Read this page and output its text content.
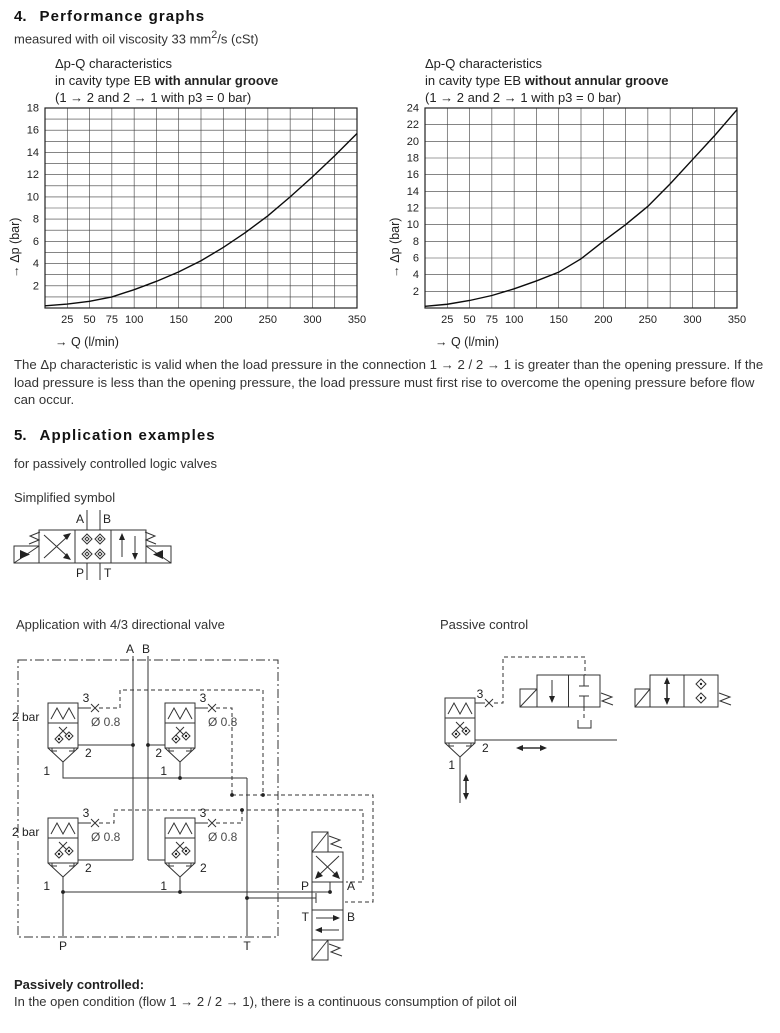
4. Performance graphs
measured with oil viscosity 33 $mm^2/s$ (cSt)
Δp-Q characteristics
in cavity type EB with annular groove
(1 → 2 and 2 → 1 with p3 = 0 bar)
Δp-Q characteristics
in cavity type EB without annular groove
(1 → 2 and 2 → 1 with p3 = 0 bar)
25 50 75 100 150 200 250 300 350
2
4
6
8
10
12
14
16
18
→ Q (l/min)
→ Δp (bar)
25 50 75 100 150 200 250 300 350
2
4
6
8
10
12
14
16
18
20
22
24
→ Q (l/min)
→ Δp (bar)

The Δp characteristic is valid when the load pressure in the connection 1 → 2 / 2 → 1 is greater than the opening pressure. If the load pressure is less than the opening pressure, the load pressure must first rise to overcome the opening pressure before flow can occur.

5. Application examples
for passively controlled logic valves
Simplified symbol
A B
P T
Application with 4/3 directional valve	Passive control
A B
P	A
T	B
2 bar
2 bar
3
Ø 0.8
2
1
3
Ø 0.8
2
1
3
Ø 0.8
2
1
3
Ø 0.8
2
1
P	T
3
2
1
Passively controlled:
In the open condition (flow 1 → 2 / 2 → 1), there is a continuous consumption of pilot oil
